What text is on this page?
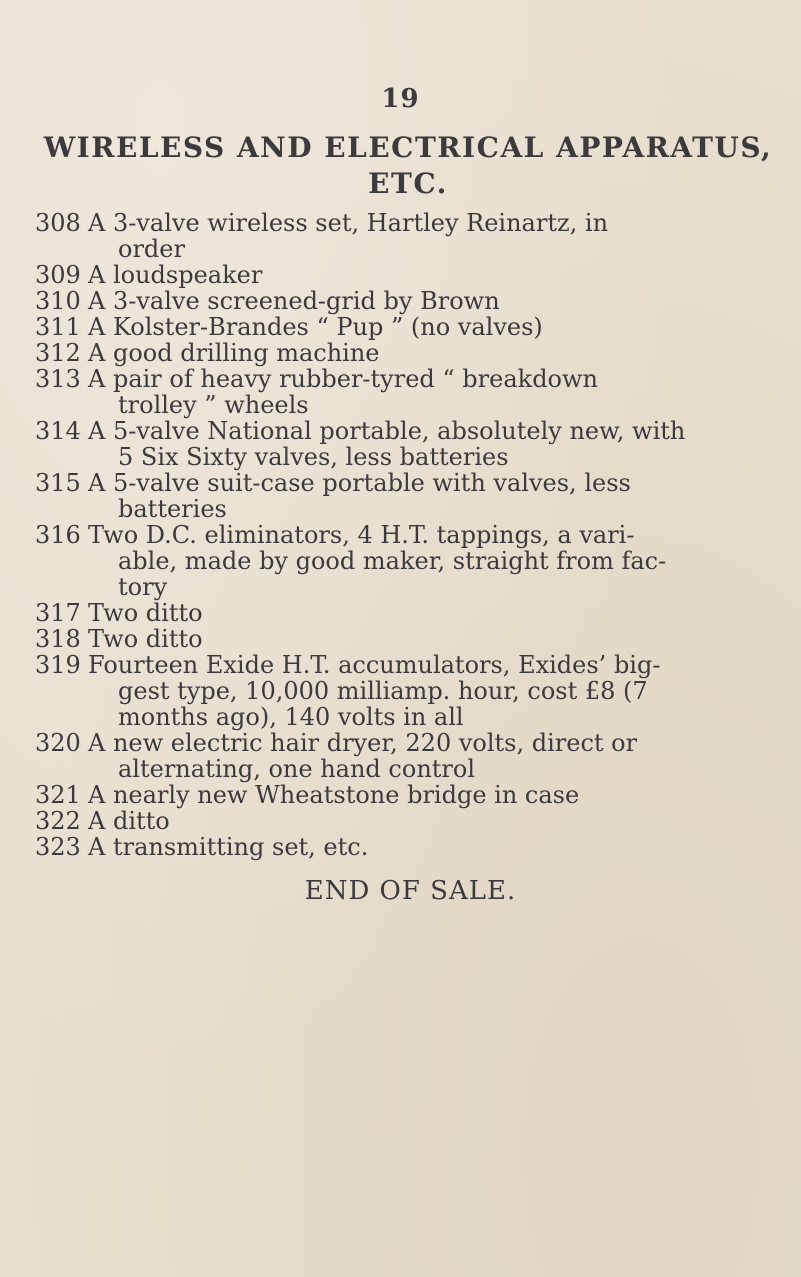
19
WIRELESS AND ELECTRICAL APPARATUS,
ETC.
308 A 3-valve wireless set, Hartley Reinartz, in
order
309 A loudspeaker
310 A 3-valve screened-grid by Brown
311 A Kolster-Brandes “ Pup ” (no valves)
312 A good drilling machine
313 A pair of heavy rubber-tyred “ breakdown
trolley ” wheels
314 A 5-valve National portable, absolutely new, with
5 Six Sixty valves, less batteries
315 A 5-valve suit-case portable with valves, less
batteries
316 Two D.C. eliminators, 4 H.T. tappings, a vari-
able, made by good maker, straight from fac-
tory
317 Two ditto
318 Two ditto
319 Fourteen Exide H.T. accumulators, Exides’ big-
gest type, 10,000 milliamp. hour, cost £8 (7
months ago), 140 volts in all
320 A new electric hair dryer, 220 volts, direct or
alternating, one hand control
321 A nearly new Wheatstone bridge in case
322 A ditto
323 A transmitting set, etc.
END OF SALE.
